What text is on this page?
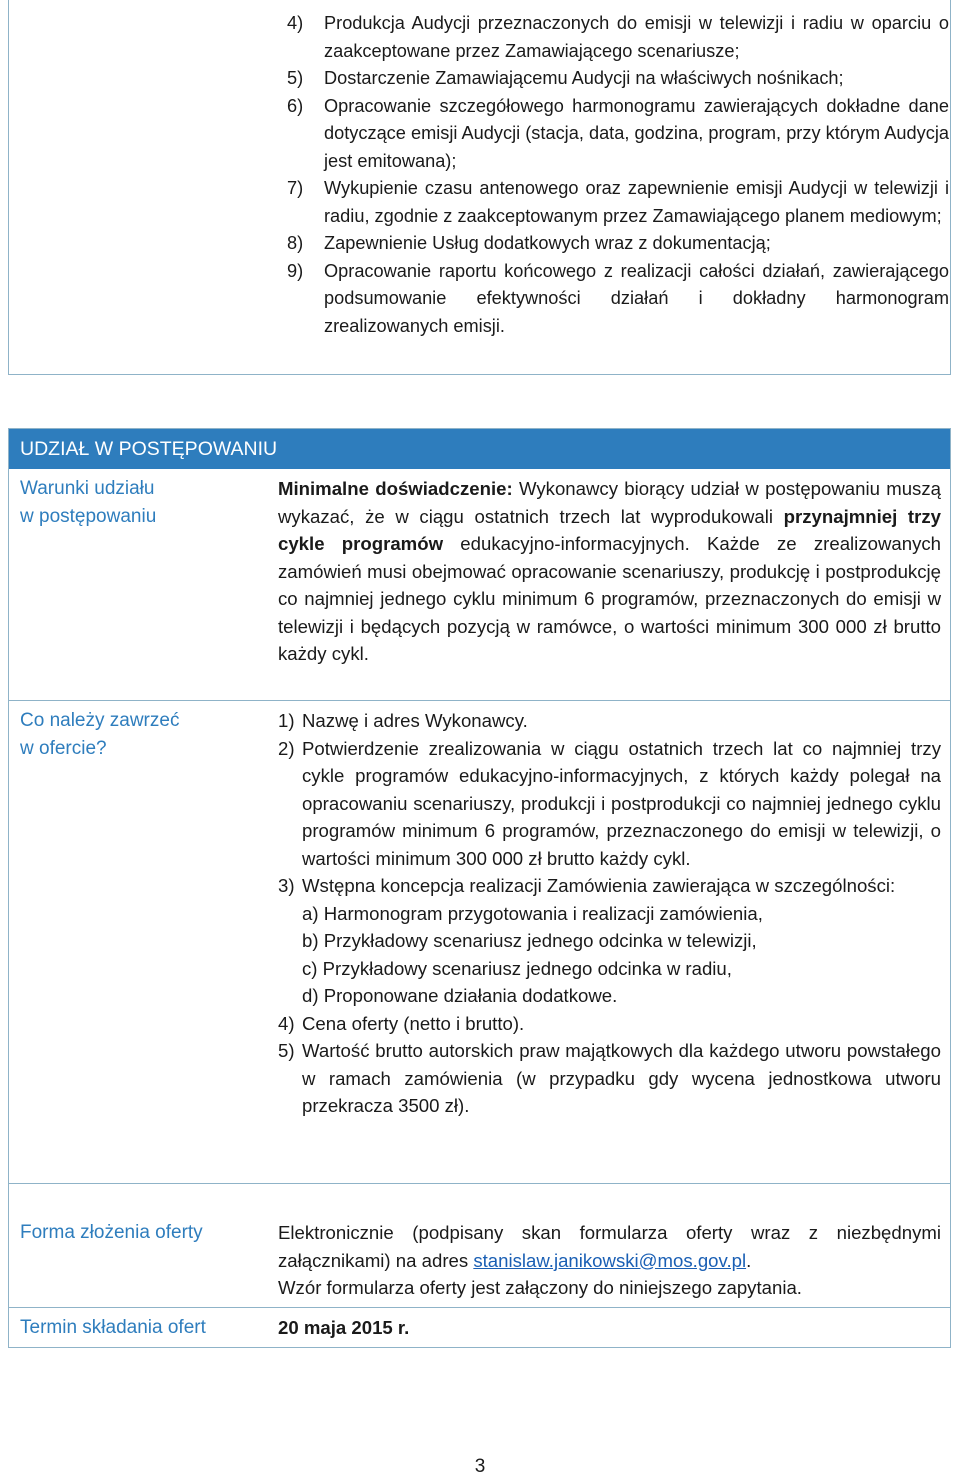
4) Produkcja Audycji przeznaczonych do emisji w telewizji i radiu w oparciu o zaakceptowane przez Zamawiającego scenariusze;
5) Dostarczenie Zamawiającemu Audycji na właściwych nośnikach;
6) Opracowanie szczegółowego harmonogramu zawierających dokładne dane dotyczące emisji Audycji (stacja, data, godzina, program, przy którym Audycja jest emitowana);
7) Wykupienie czasu antenowego oraz zapewnienie emisji Audycji w telewizji i radiu, zgodnie z zaakceptowanym przez Zamawiającego planem mediowym;
8) Zapewnienie Usług dodatkowych wraz z dokumentacją;
9) Opracowanie raportu końcowego z realizacji całości działań, zawierającego podsumowanie efektywności działań i dokładny harmonogram zrealizowanych emisji.
UDZIAŁ W POSTĘPOWANIU
Warunki udziału
w postępowaniu
Minimalne doświadczenie: Wykonawcy biorący udział w postępowaniu muszą wykazać, że w ciągu ostatnich trzech lat wyprodukowali przynajmniej trzy cykle programów edukacyjno-informacyjnych. Każde ze zrealizowanych zamówień musi obejmować opracowanie scenariuszy, produkcję i postprodukcję co najmniej jednego cyklu minimum 6 programów, przeznaczonych do emisji w telewizji i będących pozycją w ramówce, o wartości minimum 300 000 zł brutto każdy cykl.
Co należy zawrzeć
w ofercie?
1) Nazwę i adres Wykonawcy.
2) Potwierdzenie zrealizowania w ciągu ostatnich trzech lat co najmniej trzy cykle programów edukacyjno-informacyjnych, z których każdy polegał na opracowaniu scenariuszy, produkcji i postprodukcji co najmniej jednego cyklu programów minimum 6 programów, przeznaczonego do emisji w telewizji, o wartości minimum 300 000 zł brutto każdy cykl.
3) Wstępna koncepcja realizacji Zamówienia zawierająca w szczególności:
a) Harmonogram przygotowania i realizacji zamówienia,
b) Przykładowy scenariusz jednego odcinka w telewizji,
c) Przykładowy scenariusz jednego odcinka w radiu,
d) Proponowane działania dodatkowe.
4) Cena oferty (netto i brutto).
5) Wartość brutto autorskich praw majątkowych dla każdego utworu powstałego w ramach zamówienia (w przypadku gdy wycena jednostkowa utworu przekracza 3500 zł).
Forma złożenia oferty	Elektronicznie (podpisany skan formularza oferty wraz z niezbędnymi załącznikami) na adres stanislaw.janikowski@mos.gov.pl.
Wzór formularza oferty jest załączony do niniejszego zapytania.
Termin składania ofert	20 maja 2015 r.
3
